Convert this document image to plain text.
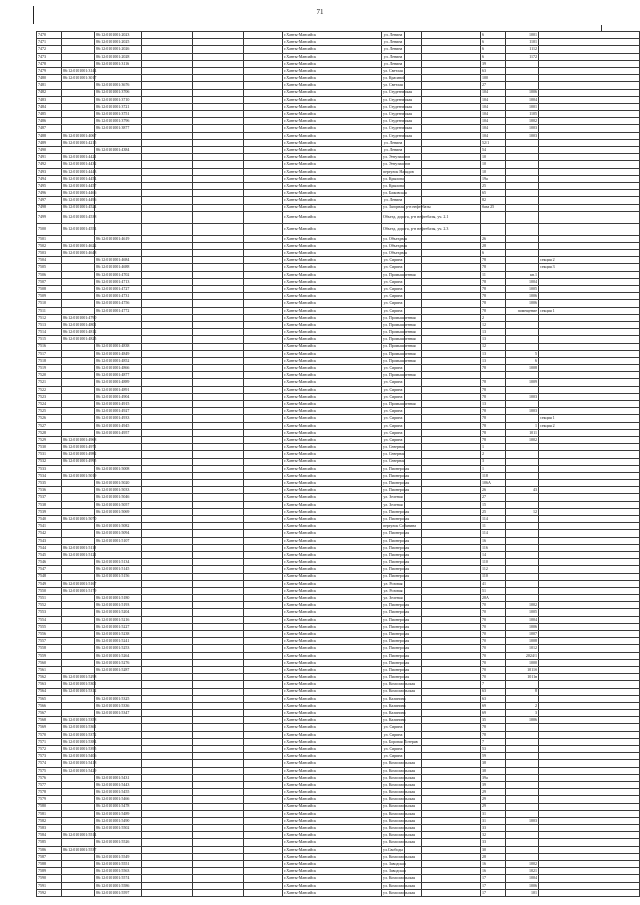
71
7470		86:12:0101001:2023				г.Ханты-Мансийск	ул. Ленина			6	1001	
7471		86:12:0101001:2025				г.Ханты-Мансийск	ул. Ленина			6	1101	
7472		86:12:0101001:2026				г.Ханты-Мансийск	ул. Ленина			6	1112	
7473		86:12:0101001:2028				г.Ханты-Мансийск	ул. Ленина			6	1172	
7478		86:12:0101001:3116				г.Ханты-Мансийск	ул. Ленина			39		
7479	86:12:0101001:3144					г.Ханты-Мансийск	ул. Светлая			63		
7480	86:12:0101001:3017					г.Ханты-Мансийск	ул. Красивой			100		
7481		86:12:0101001:3676				г.Ханты-Мансийск	ул. Светлая			27		
7482		86:12:0101001:3706				г.Ханты-Мансийск	ул. Студенческая			104	1006	
7483		86:12:0101001:3710				г.Ханты-Мансийск	ул. Студенческая			104	1004	
7484		86:12:0101001:3721				г.Ханты-Мансийск	ул. Студенческая			104	1001	
7485		86:12:0101001:3751				г.Ханты-Мансийск	ул. Студенческая			104	1105	
7486		86:12:0101001:3796				г.Ханты-Мансийск	ул. Студенческая			104	1002	
7487		86:12:0101001:3877				г.Ханты-Мансийск	ул. Студенческая			104	1003	
7488	86:12:0101001:4067					г.Ханты-Мансийск	ул. Студенческая			104	1003	
7489	86:12:0101001:4215					г.Ханты-Мансийск	ул. Ленина			52/1		
7490		86:12:0101001:4384				г.Ханты-Мансийск	ул. Ленина			54		
7491	86:12:0101001:4421					г.Ханты-Мансийск	ул. Энтузиастов			10		
7492	86:12:0101001:4432					г.Ханты-Мансийск	ул. Энтузиастов			10		
7493	86:12:0101001:4443					г.Ханты-Мансийск	переулок Нарядов			10		
7494	86:12:0101001:4454					г.Ханты-Мансийск	ул. Крылова			19а		
7495	86:12:0101001:4457					г.Ханты-Мансийск	ул. Крылова			25		
7496	86:12:0101001:4466					г.Ханты-Мансийск	ул. Бажовская			65		
7497	86:12:0101001:4496					г.Ханты-Мансийск	ул. Ленина			82		
7498	86:12:0101001:4524					г.Ханты-Мансийск	ул. Загорная, р-н нефтебазы			база 25		
7499	86:12:0101001:4538					г.Ханты-Мансийск	Объезд. дорога, р-н нефтебазы, уч. 2.1					
7500	86:12:0101001:4554					г.Ханты-Мансийск	Объезд. дорога, р-н нефтебазы, уч. 2.3					
7501		86:12:0101001:4619				г.Ханты-Мансийск	ул. Объездная			26		
7502	86:12:0101001:4622					г.Ханты-Мансийск	ул. Объездная			28		
7503	86:12:0101001:4648					г.Ханты-Мансийск	ул. Объездная			6		
7504		86:12:0101001:4684				г.Ханты-Мансийск	ул. Сирина			78		секция 2
7505		86:12:0101001:4688				г.Ханты-Мансийск	ул. Сирина			78		секция 3
7506		86:12:0101001:4702				г.Ханты-Мансийск	ул. Промышленная			11	кв.1	
7507		86:12:0101001:4713				г.Ханты-Мансийск	ул. Сирина			78	1004	
7508		86:12:0101001:4727				г.Ханты-Мансийск	ул. Сирина			78	1005	
7509		86:12:0101001:4731				г.Ханты-Мансийск	ул. Сирина			78	1006	
7510		86:12:0101001:4756				г.Ханты-Мансийск	ул. Сирина			78	1006	
7511		86:12:0101001:4772				г.Ханты-Мансийск	ул. Сирина			78	помещение	секция 1
7512	86:12:0101001:4790					г.Ханты-Мансийск	ул. Промышленная			2		
7513	86:12:0101001:4801					г.Ханты-Мансийск	ул. Промышленная			12		
7514	86:12:0101001:4812					г.Ханты-Мансийск	ул. Промышленная			13		
7515	86:12:0101001:4825					г.Ханты-Мансийск	ул. Промышленная			13		
7516		86:12:0101001:4838				г.Ханты-Мансийск	ул. Промышленная			12		
7517		86:12:0101001:4849				г.Ханты-Мансийск	ул. Промышленная			13	5	
7518		86:12:0101001:4852				г.Ханты-Мансийск	ул. Промышленная			13	6	
7519		86:12:0101001:4866				г.Ханты-Мансийск	ул. Сирина			78	1008	
7520		86:12:0101001:4877				г.Ханты-Мансийск	ул. Промышленная					
7521		86:12:0101001:4889				г.Ханты-Мансийск	ул. Сирина			78	1009	
7522		86:12:0101001:4891				г.Ханты-Мансийск	ул. Сирина			78		
7523		86:12:0101001:4904				г.Ханты-Мансийск	ул. Сирина			78	1003	
7524		86:12:0101001:4915				г.Ханты-Мансийск	ул. Промышленная			13		
7525		86:12:0101001:4927				г.Ханты-Мансийск	ул. Сирина			78	1003	
7526		86:12:0101001:4933				г.Ханты-Мансийск	ул. Сирина			78		секция 1
7527		86:12:0101001:4945				г.Ханты-Мансийск	ул. Сирина			78	1	секция 2
7528		86:12:0101001:4957				г.Ханты-Мансийск	ул. Сирина			78	1011	
7529	86:12:0101001:4968					г.Ханты-Мансийск	ул. Сирина			78	1002	
7530	86:12:0101001:4971					г.Ханты-Мансийск	ул. Северная			1		
7531	86:12:0101001:4982					г.Ханты-Мансийск	ул. Северная			2		
7532	86:12:0101001:4995					г.Ханты-Мансийск	ул. Северная			3		
7533		86:12:0101001:5008				г.Ханты-Мансийск	ул. Пионерская			1		
7534	86:12:0101001:5019					г.Ханты-Мансийск	ул. Пионерская			118		
7535		86:12:0101001:5020				г.Ханты-Мансийск	ул. Пионерская			106А		
7536		86:12:0101001:5033				г.Ханты-Мансийск	ул. Пионерская			26	43	
7537		86:12:0101001:5046				г.Ханты-Мансийск	ул. Зеленая			27		
7538		86:12:0101001:5057				г.Ханты-Мансийск	ул. Зеленая			15		
7539		86:12:0101001:5069				г.Ханты-Мансийск	ул. Пионерская			25	12	
7540	86:12:0101001:5070					г.Ханты-Мансийск	ул. Пионерская			114		
7541		86:12:0101001:5082				г.Ханты-Мансийск	переулок Собянина			11		
7542		86:12:0101001:5094				г.Ханты-Мансийск	ул. Пионерская			114		
7543		86:12:0101001:5107				г.Ханты-Мансийск	ул. Пионерская			16		
7544	86:12:0101001:5118					г.Ханты-Мансийск	ул. Пионерская			116		
7545	86:12:0101001:5121					г.Ханты-Мансийск	ул. Пионерская			14		
7546		86:12:0101001:5134				г.Ханты-Мансийск	ул. Пионерская			110		
7547		86:12:0101001:5145				г.Ханты-Мансийск	ул. Пионерская			112		
7548		86:12:0101001:5156				г.Ханты-Мансийск	ул. Пионерская			110		
7549	86:12:0101001:5167					г.Ханты-Мансийск	ул. Розовая			41		
7550	86:12:0101001:5179					г.Ханты-Мансийск	ул. Розовая			51		
7551		86:12:0101001:5180				г.Ханты-Мансийск	ул. Зеленая			28А		
7552		86:12:0101001:5193				г.Ханты-Мансийск	ул. Пионерская			70	1002	
7553		86:12:0101001:5204				г.Ханты-Мансийск	ул. Пионерская			70	1005	
7554		86:12:0101001:5216				г.Ханты-Мансийск	ул. Пионерская			70	1004	
7555		86:12:0101001:5227				г.Ханты-Мансийск	ул. Пионерская			70	1006	
7556		86:12:0101001:5238				г.Ханты-Мансийск	ул. Пионерская			70	1007	
7557		86:12:0101001:5241				г.Ханты-Мансийск	ул. Пионерская			70	1008	
7558		86:12:0101001:5253				г.Ханты-Мансийск	ул. Пионерская			70	1012	
7559		86:12:0101001:5264				г.Ханты-Мансийск	ул. Пионерская			70	2024/1	
7560		86:12:0101001:5276				г.Ханты-Мансийск	ул. Пионерская			70	1000	
7561		86:12:0101001:5287				г.Ханты-Мансийск	ул. Пионерская			70	1011б	
7562	86:12:0101001:5298					г.Ханты-Мансийск	ул. Пионерская			70	1011в	
7563	86:12:0101001:5301					г.Ханты-Мансийск	ул. Комсомольская			7		
7564	86:12:0101001:5312					г.Ханты-Мансийск	ул. Комсомольская			63	8	
7565		86:12:0101001:5325				г.Ханты-Мансийск	ул. Калинина			63		
7566		86:12:0101001:5336				г.Ханты-Мансийск	ул. Калинина			69	2	
7567		86:12:0101001:5347				г.Ханты-Мансийск	ул. Калинина			69	3	
7568	86:12:0101001:5358					г.Ханты-Мансийск	ул. Калинина			35	1006	
7569	86:12:0101001:5361					г.Ханты-Мансийск	ул. Сирина			78		
7570	86:12:0101001:5372					г.Ханты-Мансийск	ул. Сирина			78		
7571	86:12:0101001:5384					г.Ханты-Мансийск	ул. Боровая Потеряв			7		
7572	86:12:0101001:5395					г.Ханты-Мансийск	ул. Сирина			53		
7573	86:12:0101001:5406					г.Ханты-Мансийск	ул. Сирина			59		
7574	86:12:0101001:5418					г.Ханты-Мансийск	ул. Комсомольская			38		
7575	86:12:0101001:5429					г.Ханты-Мансийск	ул. Комсомольская			38		
7576		86:12:0101001:5431				г.Ханты-Мансийск	ул. Комсомольская			39а		
7577		86:12:0101001:5443				г.Ханты-Мансийск	ул. Комсомольская			39		
7578		86:12:0101001:5455				г.Ханты-Мансийск	ул. Комсомольская			29		
7579		86:12:0101001:5466				г.Ханты-Мансийск	ул. Комсомольская			29		
7580		86:12:0101001:5478				г.Ханты-Мансийск	ул. Комсомольская			29		
7581		86:12:0101001:5489				г.Ханты-Мансийск	ул. Комсомольская			31		
7582		86:12:0101001:5490				г.Ханты-Мансийск	ул. Комсомольская			31	1003	
7583		86:12:0101001:5502				г.Ханты-Мансийск	ул. Комсомольская			33		
7584	86:12:0101001:5514					г.Ханты-Мансийск	ул. Комсомольская			32		
7585		86:12:0101001:5526				г.Ханты-Мансийск	ул. Комсомольская			33		
7586	86:12:0101001:5537					г.Ханты-Мансийск	ул.Свободы			30		
7587		86:12:0101001:5549				г.Ханты-Мансийск	ул. Комсомольская			28		
7588		86:12:0101001:5551				г.Ханты-Мансийск	ул. Заводская			16	1002	
7589		86:12:0101001:5563				г.Ханты-Мансийск	ул. Заводская			16	1021	
7590		86:12:0101001:5574				г.Ханты-Мансийск	ул. Комсомольская			17	1004	
7591		86:12:0101001:5586				г.Ханты-Мансийск	ул. Комсомольская			17	1006	
7592		86:12:0101001:5597				г.Ханты-Мансийск	ул. Комсомольская			17	101	
